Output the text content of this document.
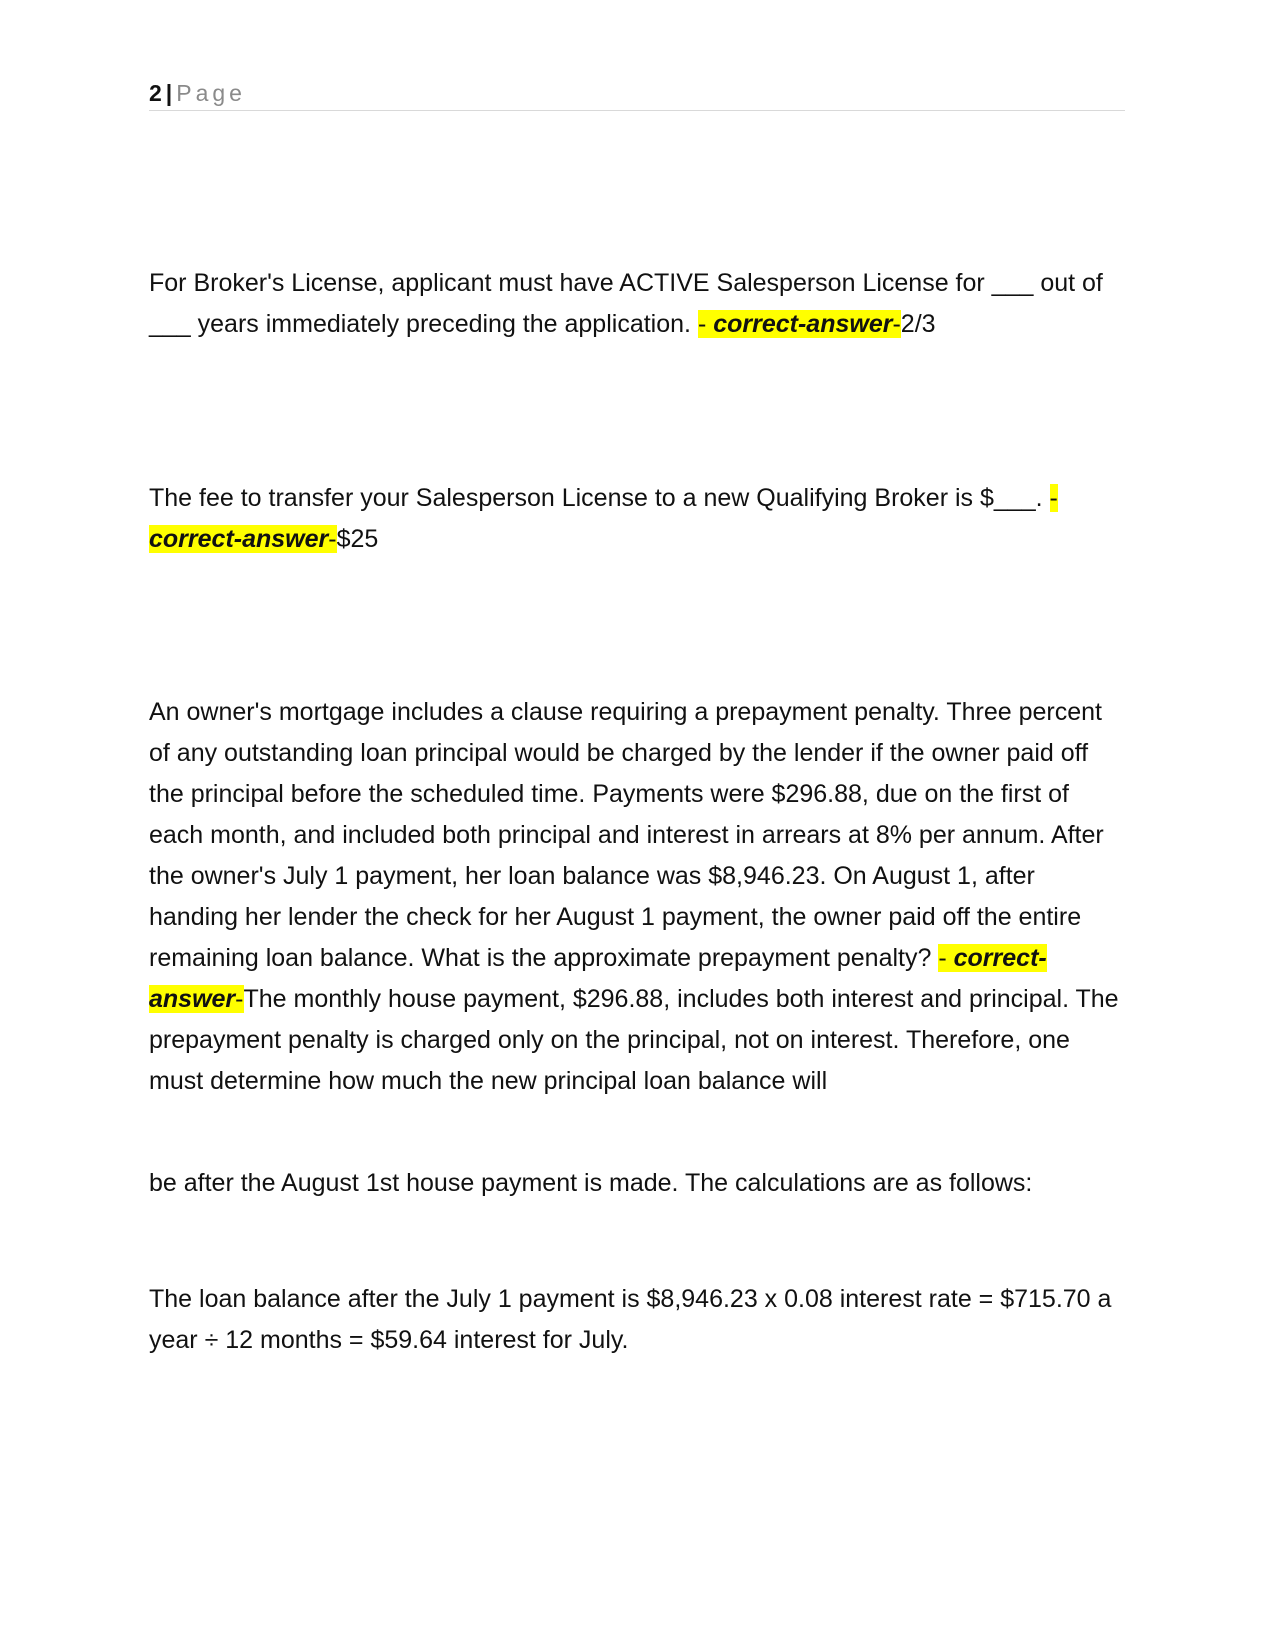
2 | Page

For Broker's License, applicant must have ACTIVE Salesperson License for ___ out of ___ years immediately preceding the application. - correct-answer-2/3

The fee to transfer your Salesperson License to a new Qualifying Broker is $___. - correct-answer-$25

An owner's mortgage includes a clause requiring a prepayment penalty. Three percent of any outstanding loan principal would be charged by the lender if the owner paid off the principal before the scheduled time. Payments were $296.88, due on the first of each month, and included both principal and interest in arrears at 8% per annum. After the owner's July 1 payment, her loan balance was $8,946.23. On August 1, after handing her lender the check for her August 1 payment, the owner paid off the entire remaining loan balance. What is the approximate prepayment penalty? - correct-answer-The monthly house payment, $296.88, includes both interest and principal. The prepayment penalty is charged only on the principal, not on interest. Therefore, one must determine how much the new principal loan balance will

be after the August 1st house payment is made. The calculations are as follows:

The loan balance after the July 1 payment is $8,946.23 x 0.08 interest rate = $715.70 a year ÷ 12 months = $59.64 interest for July.
